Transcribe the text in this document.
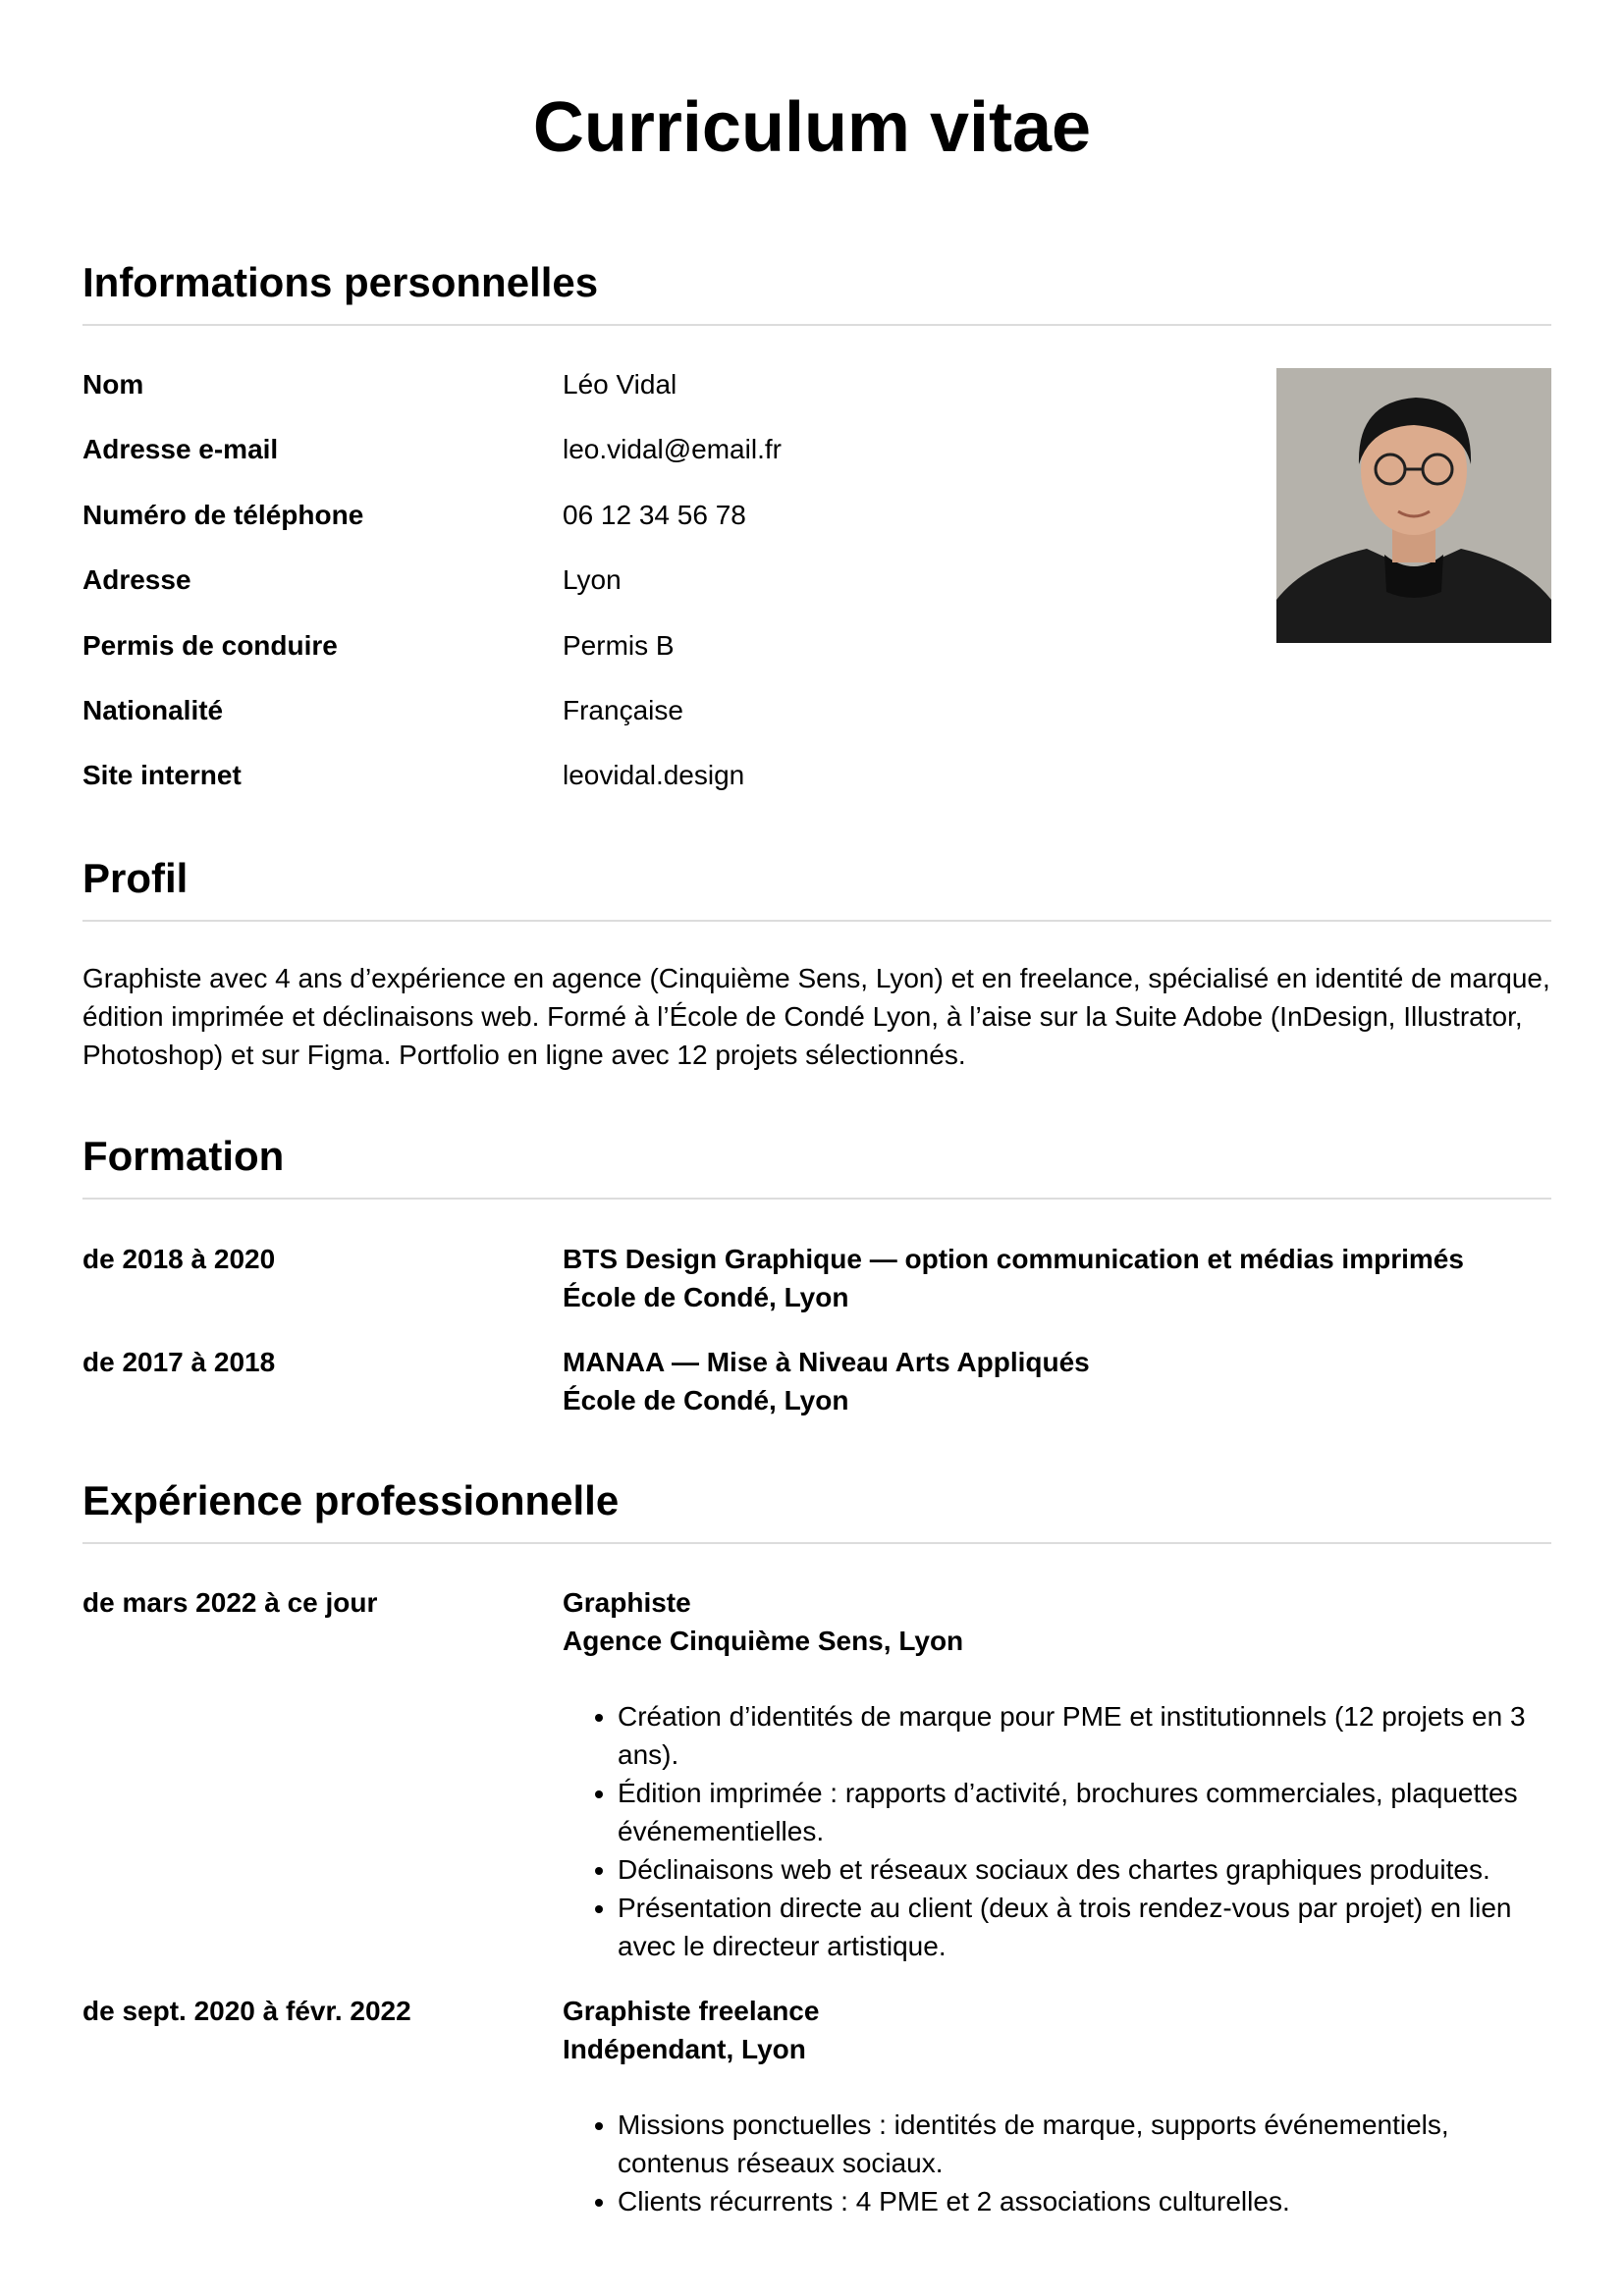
Curriculum vitae
Informations personnelles
Nom	Léo Vidal
Adresse e-mail	leo.vidal@email.fr
Numéro de téléphone	06 12 34 56 78
Adresse	Lyon
Permis de conduire	Permis B
Nationalité	Française
Site internet	leovidal.design
Profil

Graphiste avec 4 ans d’expérience en agence (Cinquième Sens, Lyon) et en freelance, spécialisé en identité de marque, édition imprimée et déclinaisons web. Formé à l’École de Condé Lyon, à l’aise sur la Suite Adobe (InDesign, Illustrator, Photoshop) et sur Figma. Portfolio en ligne avec 12 projets sélectionnés.

Formation
de 2018 à 2020	BTS Design Graphique — option communication et médias imprimés
École de Condé, Lyon
de 2017 à 2018	MANAA — Mise à Niveau Arts Appliqués
École de Condé, Lyon
Expérience professionnelle
de mars 2022 à ce jour	Graphiste
Agence Cinquième Sens, Lyon
• Création d’identités de marque pour PME et institutionnels (12 projets en 3 ans).
• Édition imprimée : rapports d’activité, brochures commerciales, plaquettes événementielles.
• Déclinaisons web et réseaux sociaux des chartes graphiques produites.
• Présentation directe au client (deux à trois rendez-vous par projet) en lien avec le directeur artistique.
de sept. 2020 à févr. 2022	Graphiste freelance
Indépendant, Lyon
• Missions ponctuelles : identités de marque, supports événementiels, contenus réseaux sociaux.
• Clients récurrents : 4 PME et 2 associations culturelles.
